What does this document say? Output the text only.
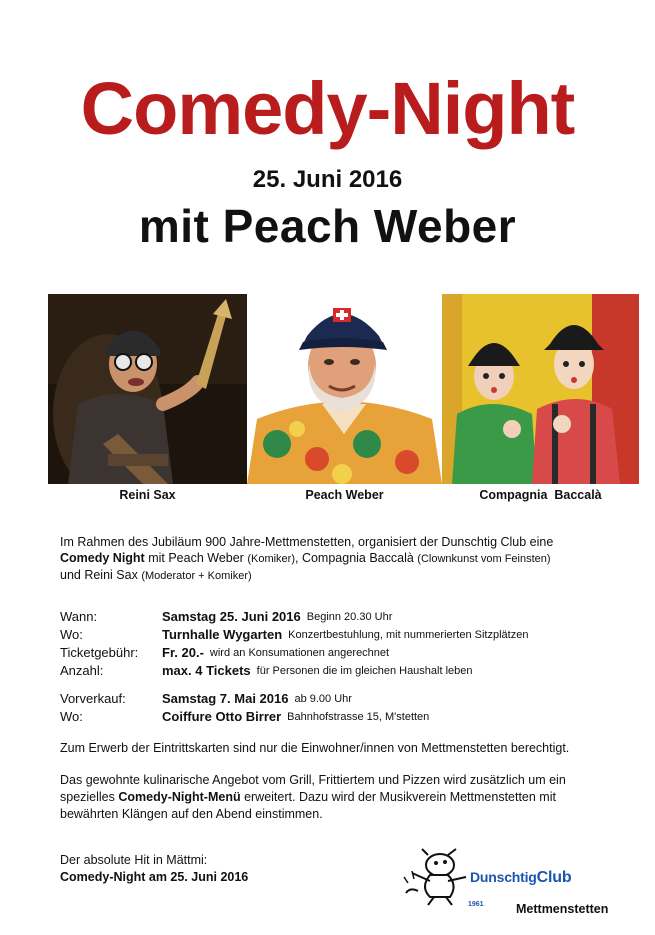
Comedy-Night
25. Juni 2016
mit Peach Weber
Reini Sax	Peach Weber	Compagnia  Baccalà
Im Rahmen des Jubiläum 900 Jahre-Mettmenstetten, organisiert der Dunschtig Club eine
Comedy Night mit Peach Weber (Komiker), Compagnia Baccalà (Clownkunst vom Feinsten)
und Reini Sax (Moderator + Komiker)
Wann:	Samstag 25. Juni 2016 Beginn 20.30 Uhr
Wo:	Turnhalle Wygarten Konzertbestuhlung, mit nummerierten Sitzplätzen
Ticketgebühr:	Fr. 20.- wird an Konsumationen angerechnet
Anzahl:	max. 4 Tickets für Personen die im gleichen Haushalt leben
Vorverkauf:	Samstag 7. Mai 2016 ab 9.00 Uhr
Wo:	Coiffure Otto Birrer Bahnhofstrasse 15, M'stetten
Zum Erwerb der Eintrittskarten sind nur die Einwohner/innen von Mettmenstetten berechtigt.
Das gewohnte kulinarische Angebot vom Grill, Frittiertem und Pizzen wird zusätzlich um ein
spezielles Comedy-Night-Menü erweitert. Dazu wird der Musikverein Mettmenstetten mit
bewährten Klängen auf den Abend einstimmen.
Der absolute Hit in Mättmi:
Comedy-Night am 25. Juni 2016	DunschtigClub
1961	Mettmenstetten
